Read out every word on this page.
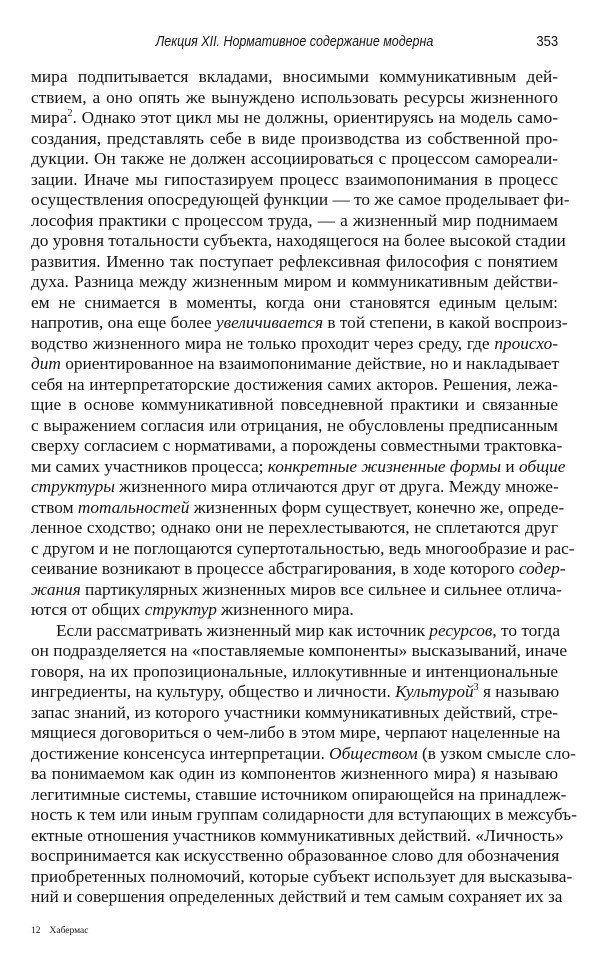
Лекция XII. Нормативное содержание модерна	353
мира подпитывается вкладами, вносимыми коммуникативным дей-
ствием, а оно опять же вынуждено использовать ресурсы жизненного
мира$^2$. Однако этот цикл мы не должны, ориентируясь на модель само-
создания, представлять себе в виде производства из собственной про-
дукции. Он также не должен ассоциироваться с процессом самореали-
зации. Иначе мы гипостазируем процесс взаимопонимания в процесс
осуществления опосредующей функции — то же самое проделывает фи-
лософия практики с процессом труда, — а жизненный мир поднимаем
до уровня тотальности субъекта, находящегося на более высокой стадии
развития. Именно так поступает рефлексивная философия с понятием
духа. Разница между жизненным миром и коммуникативным действи-
ем не снимается в моменты, когда они становятся единым целым:
напротив, она еще более увеличивается в той степени, в какой воспроиз-
водство жизненного мира не только проходит через среду, где происхо-
дит ориентированное на взаимопонимание действие, но и накладывает
себя на интерпретаторские достижения самих акторов. Решения, лежа-
щие в основе коммуникативной повседневной практики и связанные
с выражением согласия или отрицания, не обусловлены предписанным
сверху согласием с нормативами, а порождены совместными трактовка-
ми самих участников процесса; конкретные жизненные формы и общие
структуры жизненного мира отличаются друг от друга. Между множе-
ством тотальностей жизненных форм существует, конечно же, опреде-
ленное сходство; однако они не перехлестываются, не сплетаются друг
с другом и не поглощаются супертотальностью, ведь многообразие и рас-
сеивание возникают в процессе абстрагирования, в ходе которого содер-
жания партикулярных жизненных миров все сильнее и сильнее отлича-
ются от общих структур жизненного мира.
Если рассматривать жизненный мир как источник ресурсов, то тогда
он подразделяется на «поставляемые компоненты» высказываний, иначе
говоря, на их пропозициональные, иллокутивнные и интенциональные
ингредиенты, на культуру, общество и личности. Культурой$^3$ я называю
запас знаний, из которого участники коммуникативных действий, стре-
мящиеся договориться о чем-либо в этом мире, черпают нацеленные на
достижение консенсуса интерпретации. Обществом (в узком смысле сло-
ва понимаемом как один из компонентов жизненного мира) я называю
легитимные системы, ставшие источником опирающейся на принадлеж-
ность к тем или иным группам солидарности для вступающих в межсубъ-
ектные отношения участников коммуникативных действий. «Личность»
воспринимается как искусственно образованное слово для обозначения
приобретенных полномочий, которые субъект использует для высказыва-
ний и совершения определенных действий и тем самым сохраняет их за
12 Хабермас
